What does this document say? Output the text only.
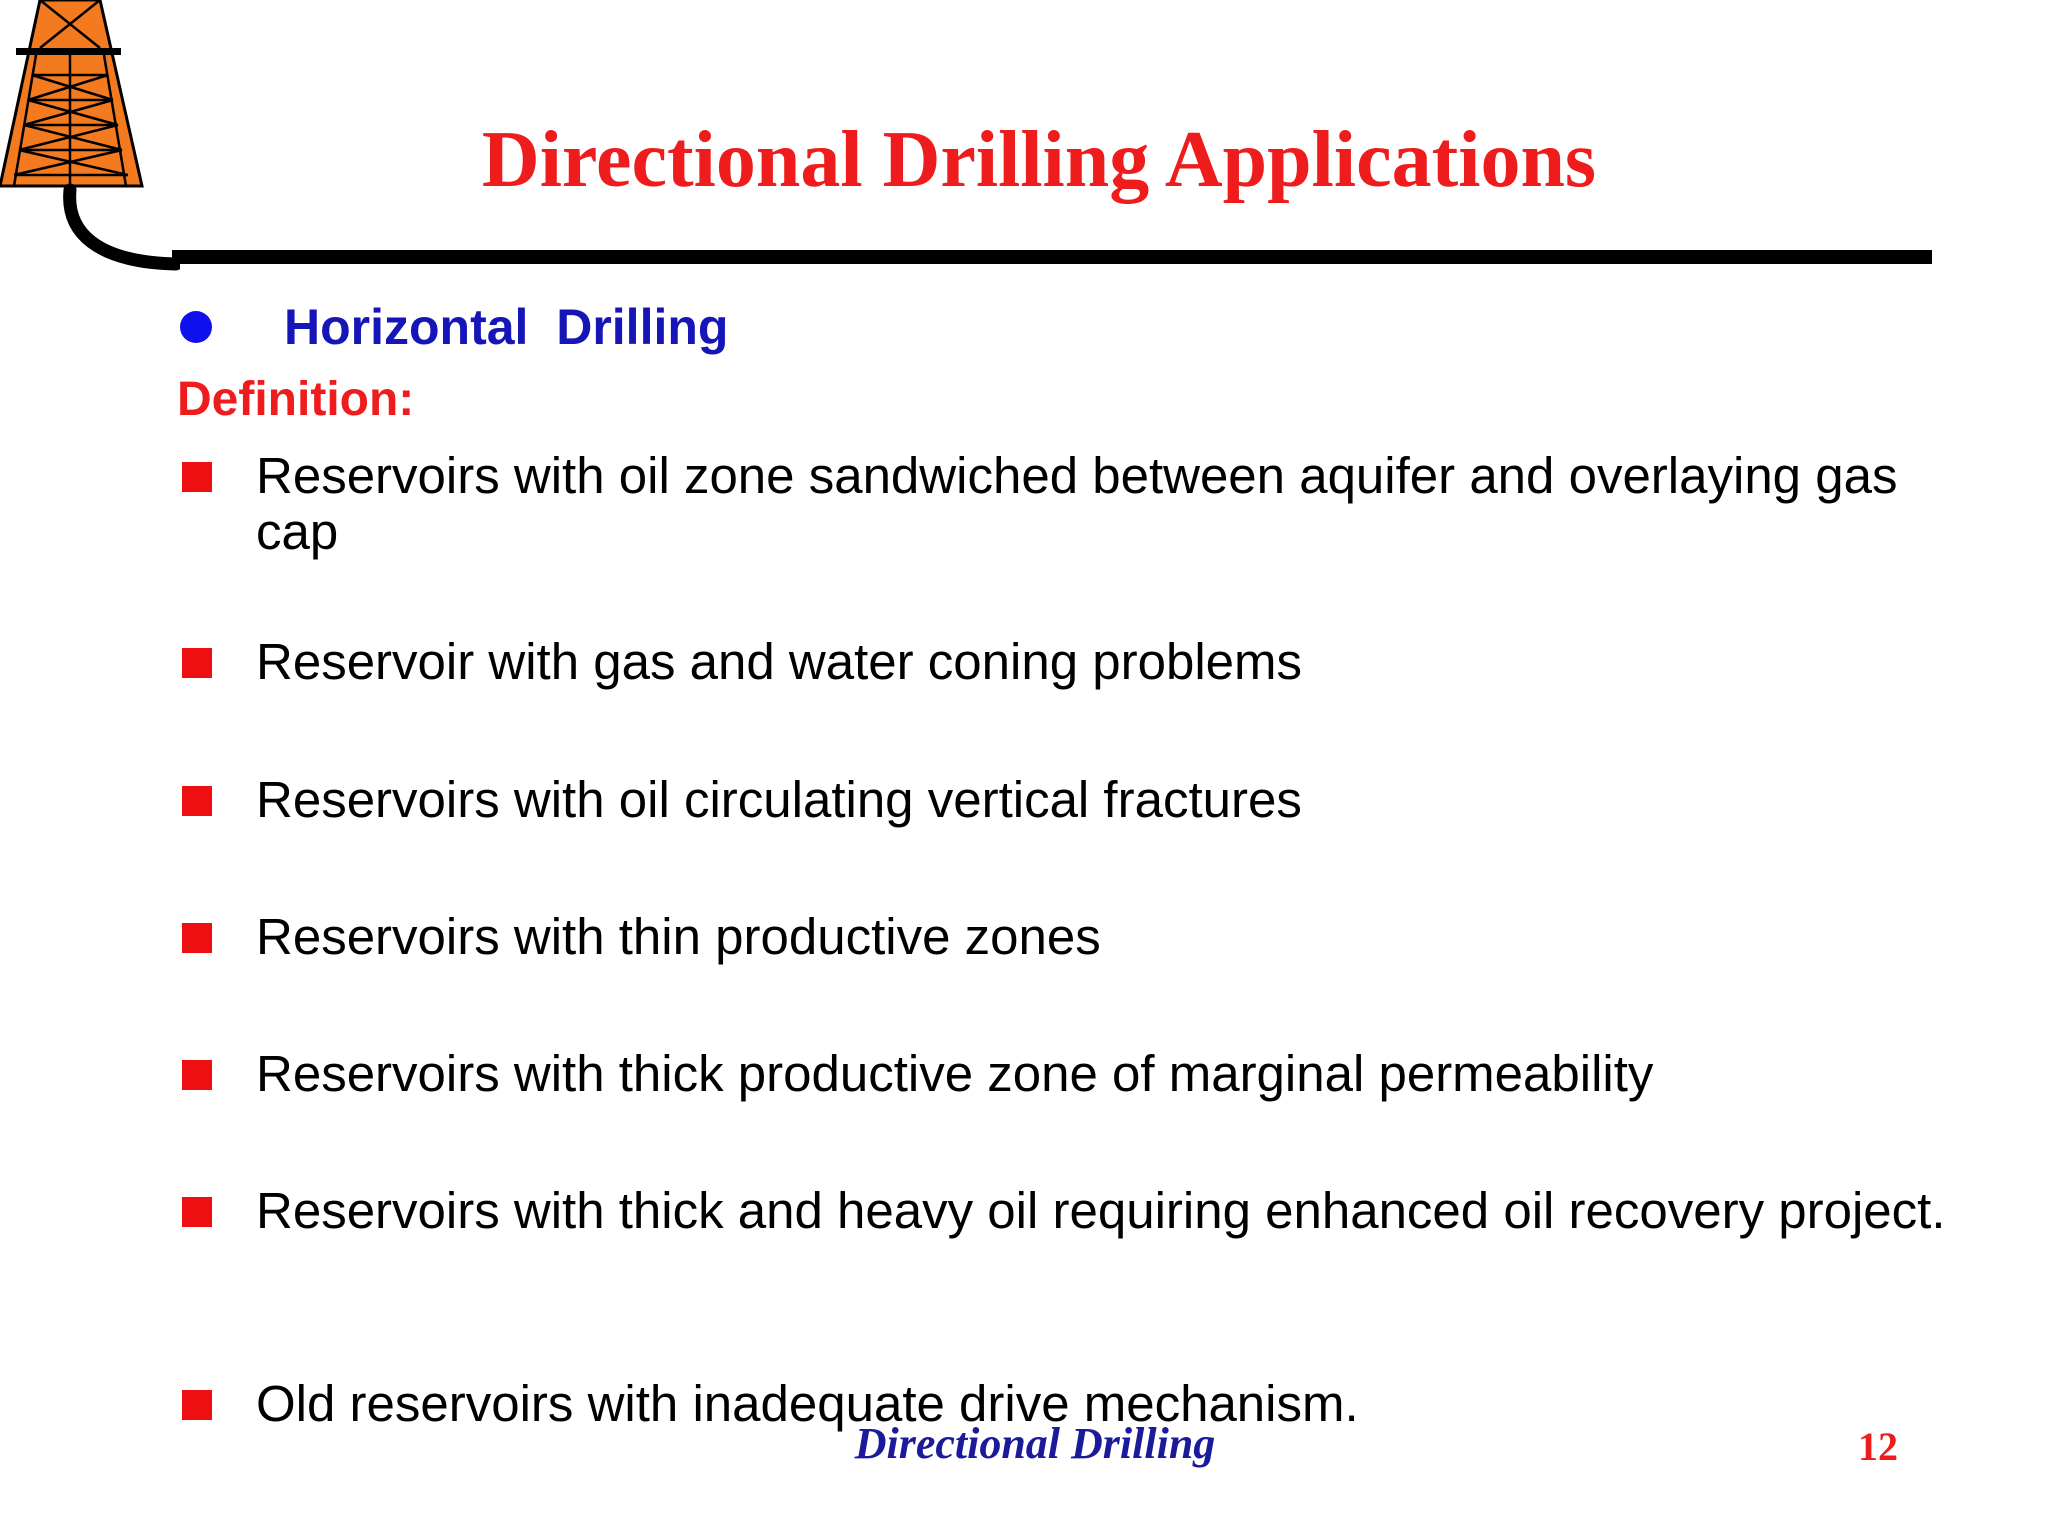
Directional Drilling Applications
Horizontal  Drilling
Definition:
Reservoirs with oil zone sandwiched between aquifer and overlaying gas cap
Reservoir with gas and water coning problems
Reservoirs with oil circulating vertical fractures
Reservoirs with thin productive zones
Reservoirs with thick productive zone of marginal permeability
Reservoirs with thick and heavy oil requiring enhanced oil recovery project.
Old reservoirs with inadequate drive mechanism.
Directional Drilling	12
